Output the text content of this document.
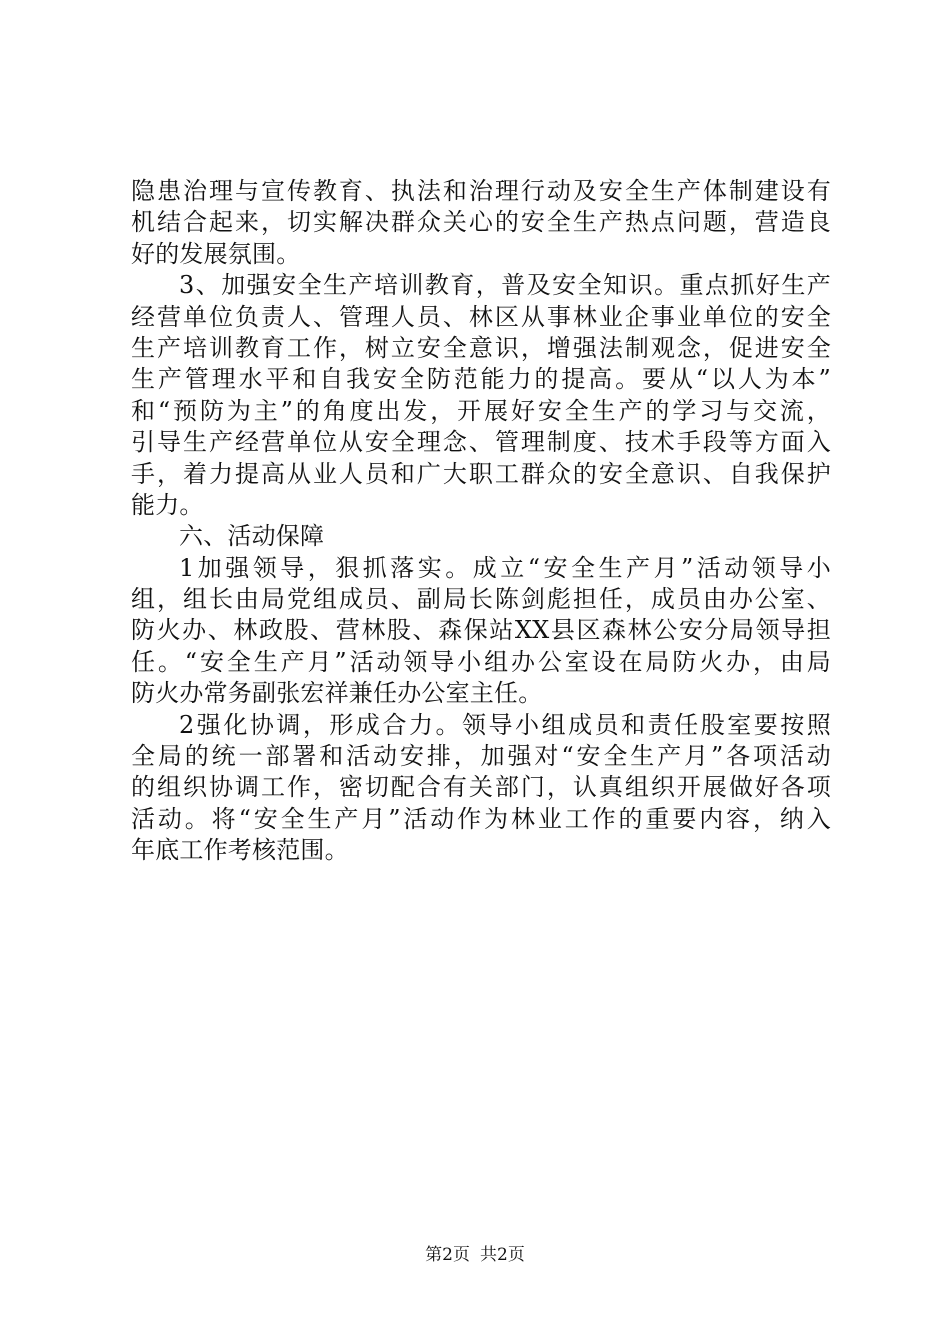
隐患治理与宣传教育、执法和治理行动及安全生产体制建设有
机结合起来，切实解决群众关心的安全生产热点问题，营造良
好的发展氛围。
3、加强安全生产培训教育，普及安全知识。重点抓好生产
经营单位负责人、管理人员、林区从事林业企事业单位的安全
生产培训教育工作，树立安全意识，增强法制观念，促进安全
生产管理水平和自我安全防范能力的提高。要从“以人为本”
和“预防为主”的角度出发，开展好安全生产的学习与交流，
引导生产经营单位从安全理念、管理制度、技术手段等方面入
手，着力提高从业人员和广大职工群众的安全意识、自我保护
能力。
六、活动保障
1加强领导，狠抓落实。成立“安全生产月”活动领导小
组，组长由局党组成员、副局长陈剑彪担任，成员由办公室、
防火办、林政股、营林股、森保站XX县区森林公安分局领导担
任。“安全生产月”活动领导小组办公室设在局防火办，由局
防火办常务副张宏祥兼任办公室主任。
2强化协调，形成合力。领导小组成员和责任股室要按照
全局的统一部署和活动安排，加强对“安全生产月”各项活动
的组织协调工作，密切配合有关部门，认真组织开展做好各项
活动。将“安全生产月”活动作为林业工作的重要内容，纳入
年底工作考核范围。
第2页 共2页
